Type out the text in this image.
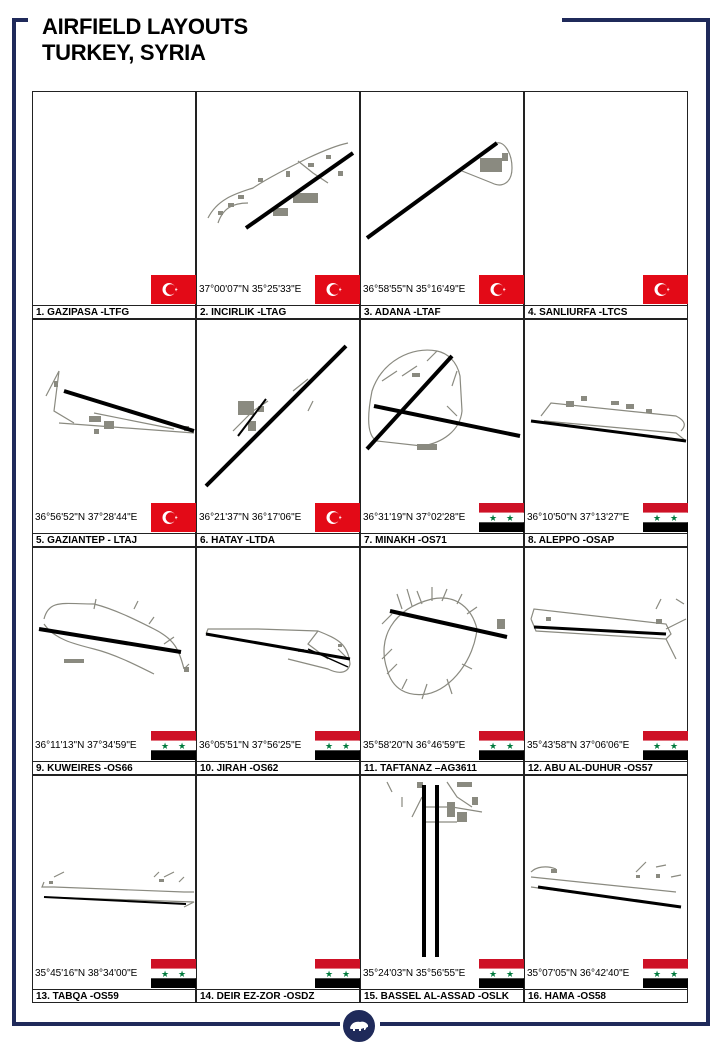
AIRFIELD LAYOUTS
TURKEY, SYRIA
1. GAZIPASA -LTFG
37°00'07"N 35°25'33"E
2. INCIRLIK -LTAG
36°58'55"N 35°16'49"E
3. ADANA -LTAF	4. SANLIURFA -LTCS
36°56'52"N 37°28'44"E
5. GAZIANTEP - LTAJ
36°21'37"N 36°17'06"E
6. HATAY -LTDA
★ ★
36°31'19"N 37°02'28"E
7. MINAKH -OS71
★ ★
36°10'50"N 37°13'27"E
8. ALEPPO -OSAP
★ ★
36°11'13"N 37°34'59"E
9. KUWEIRES -OS66
★ ★
36°05'51"N 37°56'25"E
10. JIRAH -OS62
★ ★
35°58'20"N 36°46'59"E
11. TAFTANAZ –AG3611
★ ★
35°43'58"N 37°06'06"E
12. ABU AL-DUHUR -OS57
★ ★
35°45'16"N 38°34'00"E
13. TABQA -OS59
★ ★
14. DEIR EZ-ZOR -OSDZ
★ ★
35°24'03"N 35°56'55"E
15. BASSEL AL-ASSAD -OSLK
★ ★
35°07'05"N 36°42'40"E
16. HAMA -OS58
